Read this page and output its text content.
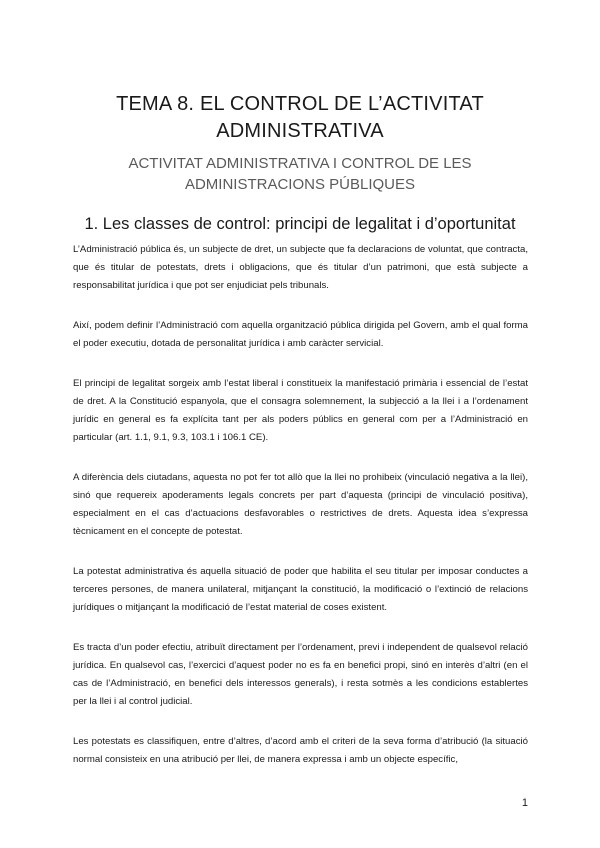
TEMA 8. EL CONTROL DE L’ACTIVITAT ADMINISTRATIVA
ACTIVITAT ADMINISTRATIVA I CONTROL DE LES ADMINISTRACIONS PÚBLIQUES
1. Les classes de control: principi de legalitat i d’oportunitat

L’Administració pública és, un subjecte de dret, un subjecte que fa declaracions de voluntat, que contracta, que és titular de potestats, drets i obligacions, que és titular d’un patrimoni, que està subjecte a responsabilitat jurídica i que pot ser enjudiciat pels tribunals.

Així, podem definir l’Administració com aquella organització pública dirigida pel Govern, amb el qual forma el poder executiu, dotada de personalitat jurídica i amb caràcter servicial.

El principi de legalitat sorgeix amb l’estat liberal i constitueix la manifestació primària i essencial de l’estat de dret. A la Constitució espanyola, que el consagra solemnement, la subjecció a la llei i a l’ordenament jurídic en general es fa explícita tant per als poders públics en general com per a l’Administració en particular (art. 1.1, 9.1, 9.3, 103.1 i 106.1 CE).

A diferència dels ciutadans, aquesta no pot fer tot allò que la llei no prohibeix (vinculació negativa a la llei), sinó que requereix apoderaments legals concrets per part d’aquesta (principi de vinculació positiva), especialment en el cas d’actuacions desfavorables o restrictives de drets. Aquesta idea s’expressa tècnicament en el concepte de potestat.

La potestat administrativa és aquella situació de poder que habilita el seu titular per imposar conductes a terceres persones, de manera unilateral, mitjançant la constitució, la modificació o l’extinció de relacions jurídiques o mitjançant la modificació de l’estat material de coses existent.

Es tracta d’un poder efectiu, atribuït directament per l’ordenament, previ i independent de qualsevol relació jurídica. En qualsevol cas, l’exercici d’aquest poder no es fa en benefici propi, sinó en interès d’altri (en el cas de l’Administració, en benefici dels interessos generals), i resta sotmès a les condicions establertes per la llei i al control judicial.

Les potestats es classifiquen, entre d’altres, d’acord amb el criteri de la seva forma d’atribució (la situació normal consisteix en una atribució per llei, de manera expressa i amb un objecte específic,

1
